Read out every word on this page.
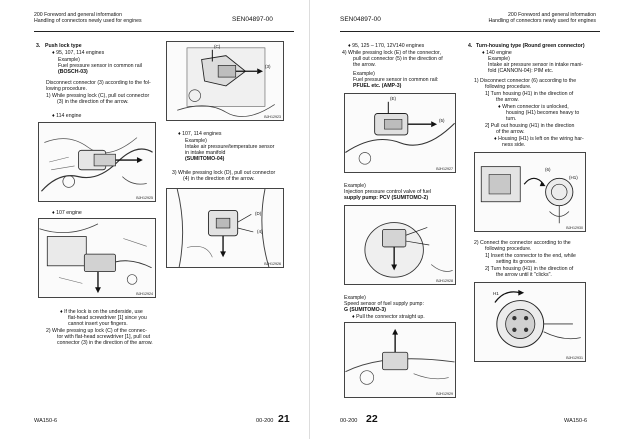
200 Foreword and general information
Handling of connectors newly used for engines	SEN04897-00
3. Push lock type
♦ 95, 107, 114 engines
Example)
Fuel pressure sensor in common rail
(BOSCH-03)
Disconnect connector (3) according to the fol-
lowing procedure.
1) While pressing lock (C), pull out connector
(3) in the direction of the arrow.
♦ 114 engine
BJH12925
♦ 107 engine
BJH12924
♦ If the lock is on the underside, use
flat-head screwdriver [1] since you
cannot insert your fingers.
2) While pressing up lock (C) of the connec-
tor with flat-head screwdriver [1], pull out
connector (3) in the direction of the arrow.
(C)
(3)
BJH12923
♦ 107, 114 engines
Example)
Intake air pressure/temperature sensor
in intake manifold
(SUMITOMO-04)
3) While pressing lock (D), pull out connector
(4) in the direction of the arrow.
(D)
(4)
BJH12926
WA150-6	00-200 21
SEN04897-00
200 Foreword and general information
Handling of connectors newly used for engines
♦ 95, 125 – 170, 12V140 engines
4) While pressing lock (E) of the connector,
pull out connector (5) in the direction of
the arrow.
Example)
Fuel pressure sensor in common rail:
PFUEL etc. (AMP-3)
(E)
(5)
BJH12927
Example)
Injection pressure control valve of fuel
supply pump: PCV (SUMITOMO-2)
BJH12928
Example)
Speed sensor of fuel supply pump:
G (SUMITOMO-3)
♦ Pull the connector straight up.
BJH12929
4. Turn-housing type (Round green connector)
♦ 140 engine
Example)
Intake air pressure sensor in intake mani-
fold (CANNON-04): PIM etc.
1) Disconnect connector (6) according to the
following procedure.
1] Turn housing (H1) in the direction of
the arrow.
♦ When connector is unlocked,
housing (H1) becomes heavy to
turn.
2] Pull out housing (H1) in the direction
of the arrow.
♦ Housing (H1) is left on the wiring har-
ness side.
(6)
(H1)
BJH12930
2) Connect the connector according to the
following procedure.
1] Insert the connector to the end, while
setting its groove.
2] Turn housing (H1) in the direction of
the arrow until it "clicks".
H1
BJH12931
00-200 22	WA150-6
